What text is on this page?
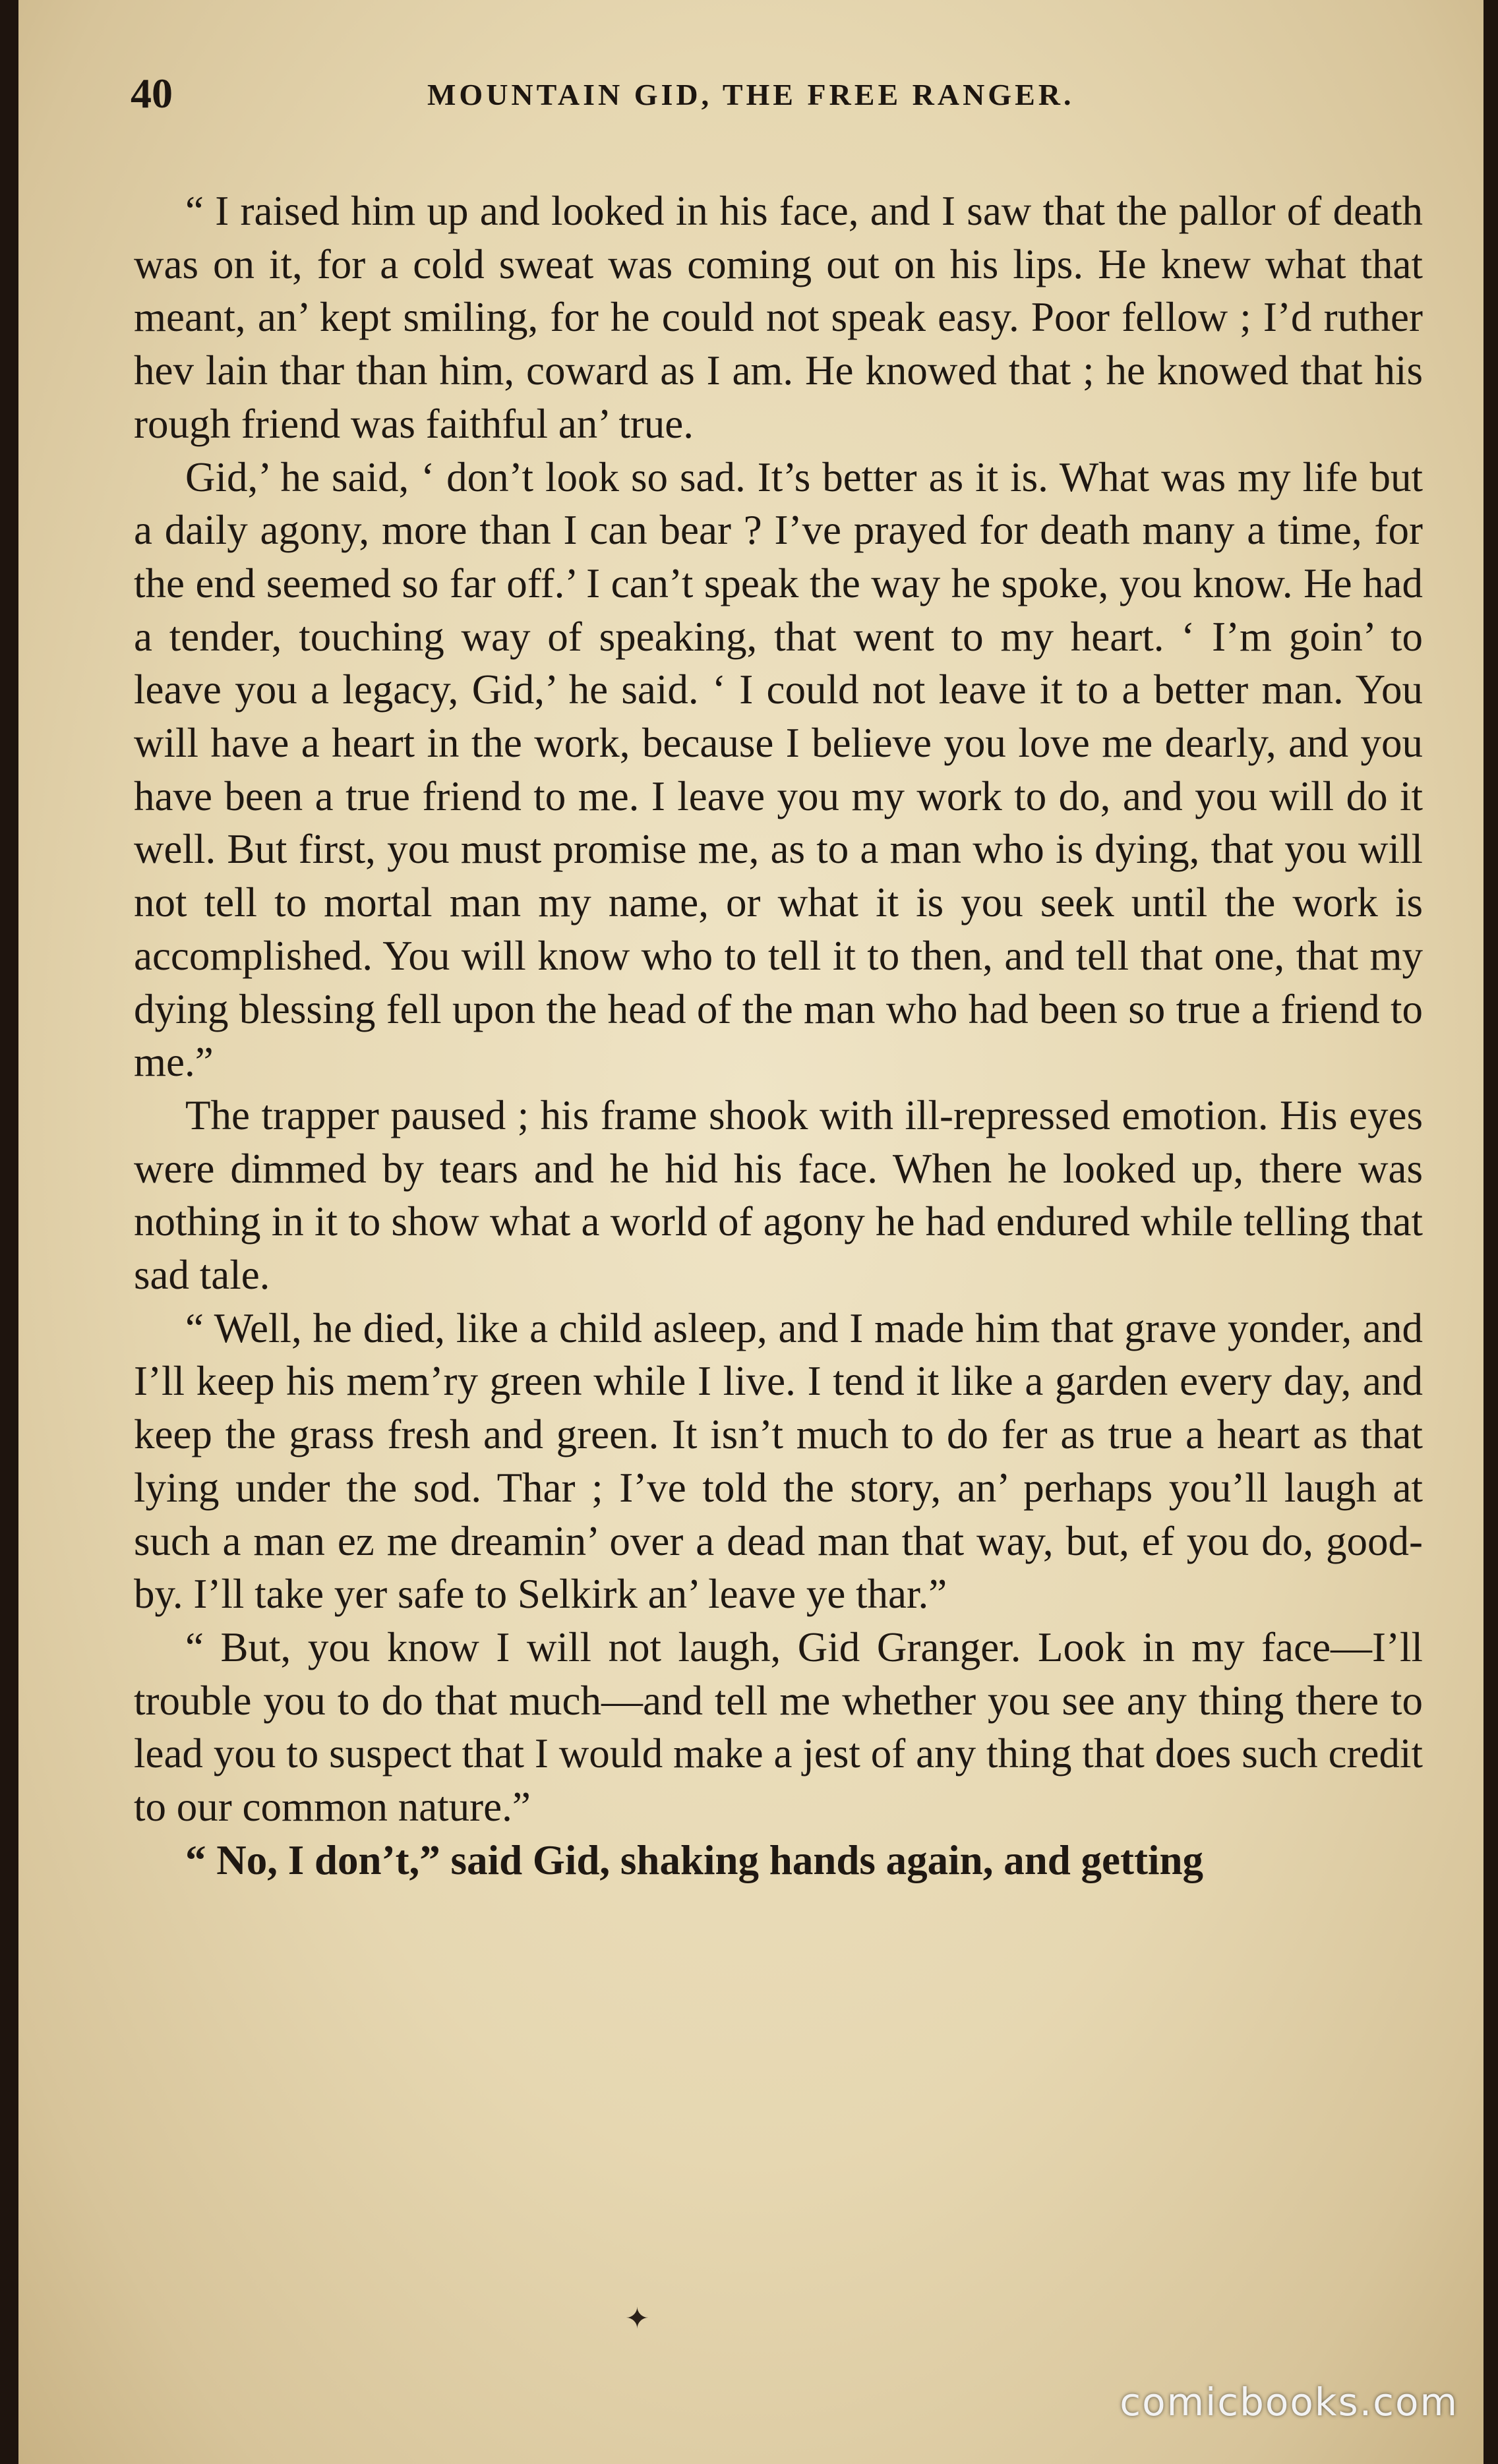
40	MOUNTAIN GID, THE FREE RANGER.

“ I raised him up and looked in his face, and I saw that the pallor of death was on it, for a cold sweat was coming out on his lips. He knew what that meant, an’ kept smiling, for he could not speak easy. Poor fellow ; I’d ruther hev lain thar than him, coward as I am. He knowed that ; he knowed that his rough friend was faithful an’ true.

Gid,’ he said, ‘ don’t look so sad. It’s better as it is. What was my life but a daily agony, more than I can bear ? I’ve prayed for death many a time, for the end seemed so far off.’ I can’t speak the way he spoke, you know. He had a tender, touching way of speaking, that went to my heart. ‘ I’m goin’ to leave you a legacy, Gid,’ he said. ‘ I could not leave it to a better man. You will have a heart in the work, because I believe you love me dearly, and you have been a true friend to me. I leave you my work to do, and you will do it well. But first, you must promise me, as to a man who is dying, that you will not tell to mortal man my name, or what it is you seek until the work is accomplished. You will know who to tell it to then, and tell that one, that my dying blessing fell upon the head of the man who had been so true a friend to me.”

The trapper paused ; his frame shook with ill-repressed emotion. His eyes were dimmed by tears and he hid his face. When he looked up, there was nothing in it to show what a world of agony he had endured while telling that sad tale.

“ Well, he died, like a child asleep, and I made him that grave yonder, and I’ll keep his mem’ry green while I live. I tend it like a garden every day, and keep the grass fresh and green. It isn’t much to do fer as true a heart as that lying under the sod. Thar ; I’ve told the story, an’ perhaps you’ll laugh at such a man ez me dreamin’ over a dead man that way, but, ef you do, good-by. I’ll take yer safe to Selkirk an’ leave ye thar.”

“ But, you know I will not laugh, Gid Granger. Look in my face—I’ll trouble you to do that much—and tell me whether you see any thing there to lead you to suspect that I would make a jest of any thing that does such credit to our common nature.”

“ No, I don’t,” said Gid, shaking hands again, and getting

✦
comicbooks.com
